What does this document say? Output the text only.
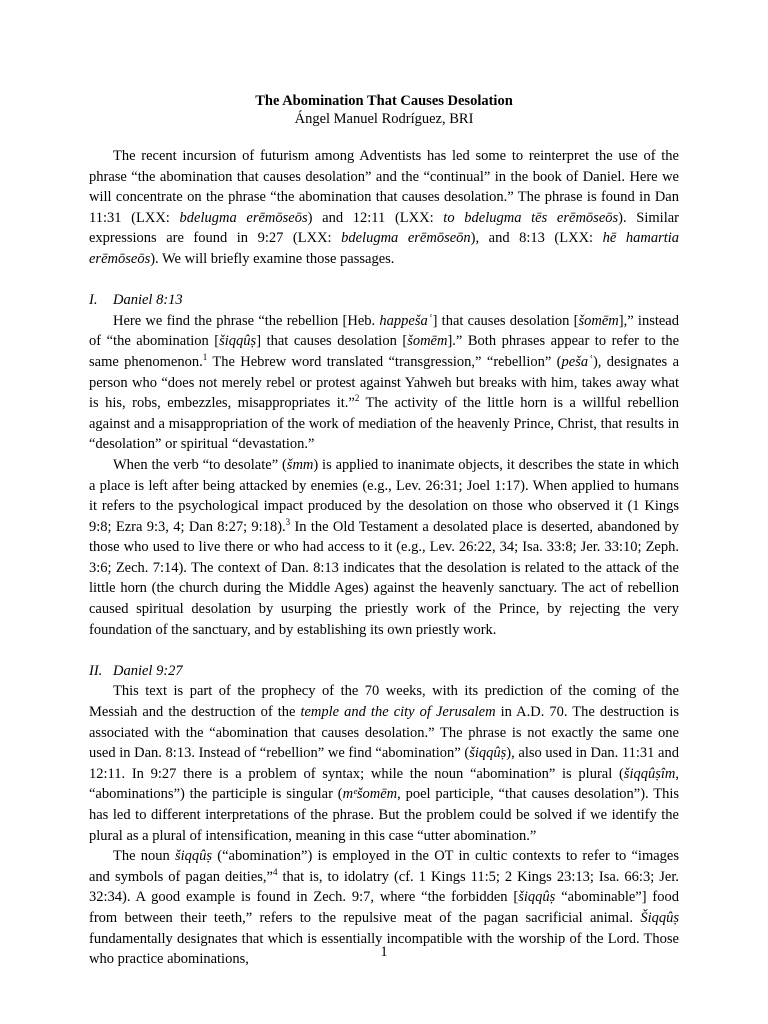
The Abomination That Causes Desolation
Ángel Manuel Rodríguez, BRI

The recent incursion of futurism among Adventists has led some to reinterpret the use of the phrase “the abomination that causes desolation” and the “continual” in the book of Daniel. Here we will concentrate on the phrase “the abomination that causes desolation.” The phrase is found in Dan 11:31 (LXX: bdelugma erēmōseōs) and 12:11 (LXX: to bdelugma tēs erēmōseōs). Similar expressions are found in 9:27 (LXX: bdelugma erēmōseōn), and 8:13 (LXX: hē hamartia erēmōseōs). We will briefly examine those passages.

I. Daniel 8:13

Here we find the phrase “the rebellion [Heb. happešaʿ] that causes desolation [šomēm],” instead of “the abomination [šiqqûṣ] that causes desolation [šomēm].” Both phrases appear to refer to the same phenomenon.$^1$ The Hebrew word translated “transgression,” “rebellion” (pešaʿ), designates a person who “does not merely rebel or protest against Yahweh but breaks with him, takes away what is his, robs, embezzles, misappropriates it.”$^2$ The activity of the little horn is a willful rebellion against and a misappropriation of the work of mediation of the heavenly Prince, Christ, that results in “desolation” or spiritual “devastation.”

When the verb “to desolate” (šmm) is applied to inanimate objects, it describes the state in which a place is left after being attacked by enemies (e.g., Lev. 26:31; Joel 1:17). When applied to humans it refers to the psychological impact produced by the desolation on those who observed it (1 Kings 9:8; Ezra 9:3, 4; Dan 8:27; 9:18).$^3$ In the Old Testament a desolated place is deserted, abandoned by those who used to live there or who had access to it (e.g., Lev. 26:22, 34; Isa. 33:8; Jer. 33:10; Zeph. 3:6; Zech. 7:14). The context of Dan. 8:13 indicates that the desolation is related to the attack of the little horn (the church during the Middle Ages) against the heavenly sanctuary. The act of rebellion caused spiritual desolation by usurping the priestly work of the Prince, by rejecting the very foundation of the sanctuary, and by establishing its own priestly work.

II. Daniel 9:27

This text is part of the prophecy of the 70 weeks, with its prediction of the coming of the Messiah and the destruction of the temple and the city of Jerusalem in A.D. 70. The destruction is associated with the “abomination that causes desolation.” The phrase is not exactly the same one used in Dan. 8:13. Instead of “rebellion” we find “abomination” (šiqqûṣ), also used in Dan. 11:31 and 12:11. In 9:27 there is a problem of syntax; while the noun “abomination” is plural (šiqqûṣîm, “abominations”) the participle is singular (mᵉšomēm, poel participle, “that causes desolation”). This has led to different interpretations of the phrase. But the problem could be solved if we identify the plural as a plural of intensification, meaning in this case “utter abomination.”

The noun šiqqûṣ (“abomination”) is employed in the OT in cultic contexts to refer to “images and symbols of pagan deities,”$^4$ that is, to idolatry (cf. 1 Kings 11:5; 2 Kings 23:13; Isa. 66:3; Jer. 32:34). A good example is found in Zech. 9:7, where “the forbidden [šiqqûṣ “abominable”] food from between their teeth,” refers to the repulsive meat of the pagan sacrificial animal. Šiqqûṣ fundamentally designates that which is essentially incompatible with the worship of the Lord. Those who practice abominations,	1
